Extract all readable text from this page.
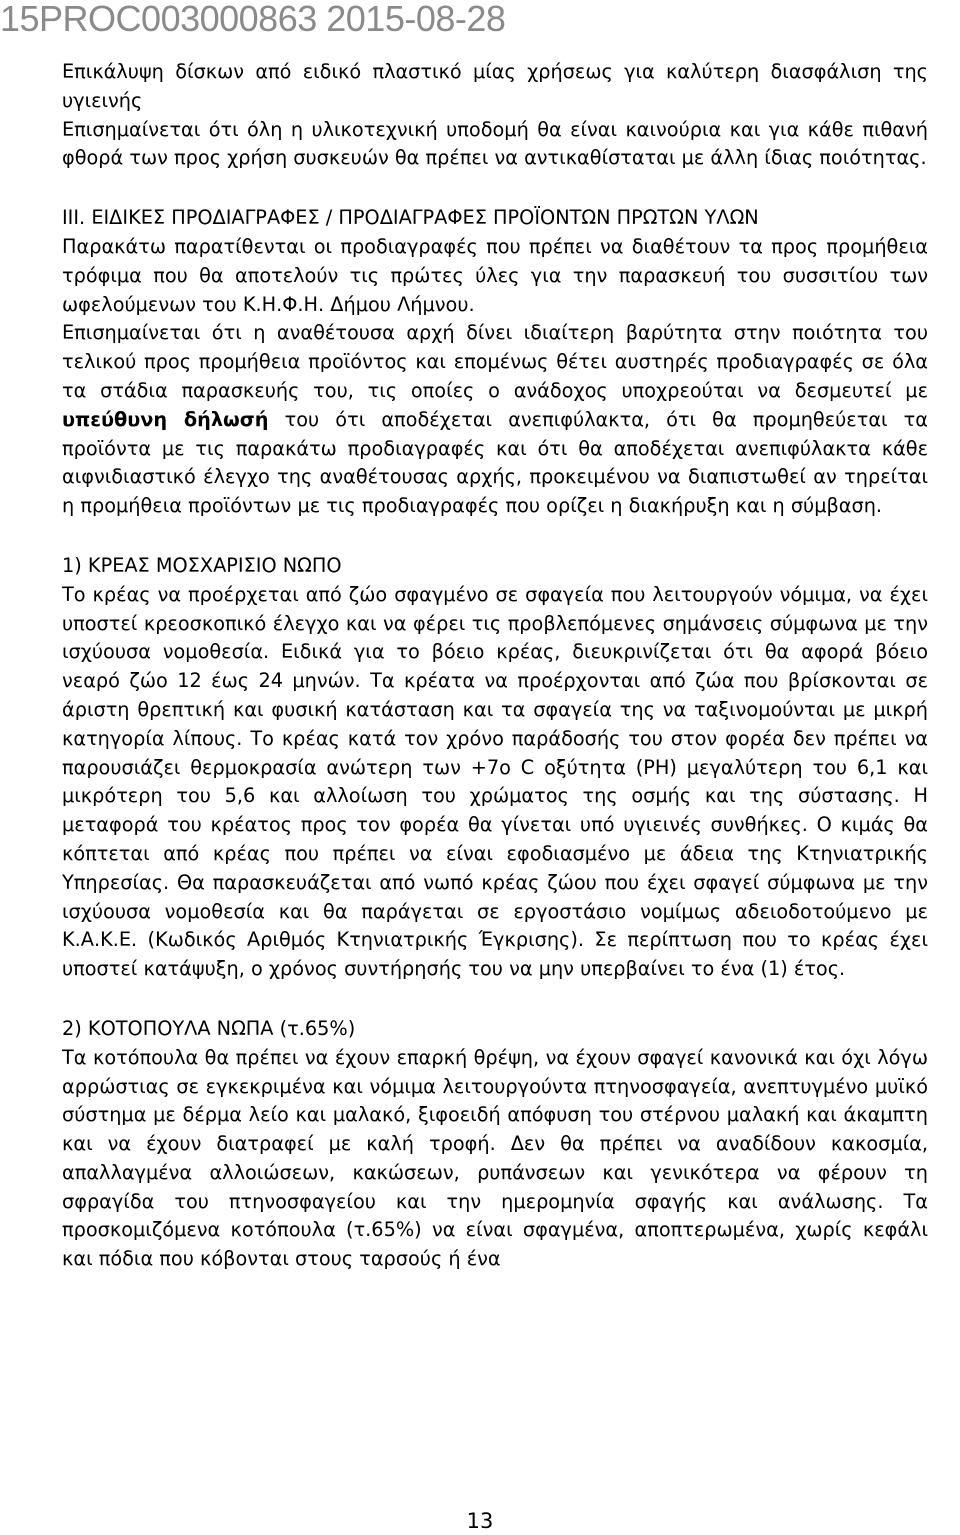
15PROC003000863 2015-08-28

Επικάλυψη δίσκων από ειδικό πλαστικό μίας χρήσεως για καλύτερη διασφάλιση της υγιεινής

Επισημαίνεται ότι όλη η υλικοτεχνική υποδομή θα είναι καινούρια και για κάθε πιθανή φθορά των προς χρήση συσκευών θα πρέπει να αντικαθίσταται με άλλη ίδιας ποιότητας.

III. ΕΙΔΙΚΕΣ ΠΡΟΔΙΑΓΡΑΦΕΣ / ΠΡΟΔΙΑΓΡΑΦΕΣ ΠΡΟΪΟΝΤΩΝ ΠΡΩΤΩΝ ΥΛΩΝ

Παρακάτω παρατίθενται οι προδιαγραφές που πρέπει να διαθέτουν τα προς προμήθεια τρόφιμα που θα αποτελούν τις πρώτες ύλες για την παρασκευή του συσσιτίου των ωφελούμενων του Κ.Η.Φ.Η. Δήμου Λήμνου.

Επισημαίνεται ότι η αναθέτουσα αρχή δίνει ιδιαίτερη βαρύτητα στην ποιότητα του τελικού προς προμήθεια προϊόντος και επομένως θέτει αυστηρές προδιαγραφές σε όλα τα στάδια παρασκευής του, τις οποίες ο ανάδοχος υποχρεούται να δεσμευτεί με υπεύθυνη δήλωσή του ότι αποδέχεται ανεπιφύλακτα, ότι θα προμηθεύεται τα προϊόντα με τις παρακάτω προδιαγραφές και ότι θα αποδέχεται ανεπιφύλακτα κάθε αιφνιδιαστικό έλεγχο της αναθέτουσας αρχής, προκειμένου να διαπιστωθεί αν τηρείται η προμήθεια προϊόντων με τις προδιαγραφές που ορίζει η διακήρυξη και η σύμβαση.

1) ΚΡΕΑΣ ΜΟΣΧΑΡΙΣΙΟ ΝΩΠΟ

Το κρέας να προέρχεται από ζώο σφαγμένο σε σφαγεία που λειτουργούν νόμιμα, να έχει υποστεί κρεοσκοπικό έλεγχο και να φέρει τις προβλεπόμενες σημάνσεις σύμφωνα με την ισχύουσα νομοθεσία. Ειδικά για το βόειο κρέας, διευκρινίζεται ότι θα αφορά βόειο νεαρό ζώο 12 έως 24 μηνών. Τα κρέατα να προέρχονται από ζώα που βρίσκονται σε άριστη θρεπτική και φυσική κατάσταση και τα σφαγεία της να ταξινομούνται με μικρή κατηγορία λίπους. Το κρέας κατά τον χρόνο παράδοσής του στον φορέα δεν πρέπει να παρουσιάζει θερμοκρασία ανώτερη των +7ο C οξύτητα (PH) μεγαλύτερη του 6,1 και μικρότερη του 5,6 και αλλοίωση του χρώματος της οσμής και της σύστασης. Η μεταφορά του κρέατος προς τον φορέα θα γίνεται υπό υγιεινές συνθήκες. Ο κιμάς θα κόπτεται από κρέας που πρέπει να είναι εφοδιασμένο με άδεια της Κτηνιατρικής Υπηρεσίας. Θα παρασκευάζεται από νωπό κρέας ζώου που έχει σφαγεί σύμφωνα με την ισχύουσα νομοθεσία και θα παράγεται σε εργοστάσιο νομίμως αδειοδοτούμενο με Κ.Α.Κ.Ε. (Κωδικός Αριθμός Κτηνιατρικής Έγκρισης). Σε περίπτωση που το κρέας έχει υποστεί κατάψυξη, ο χρόνος συντήρησής του να μην υπερβαίνει το ένα (1) έτος.

2) ΚΟΤΟΠΟΥΛΑ ΝΩΠΑ (τ.65%)

Τα κοτόπουλα θα πρέπει να έχουν επαρκή θρέψη, να έχουν σφαγεί κανονικά και όχι λόγω αρρώστιας σε εγκεκριμένα και νόμιμα λειτουργούντα πτηνοσφαγεία, ανεπτυγμένο μυϊκό σύστημα με δέρμα λείο και μαλακό, ξιφοειδή απόφυση του στέρνου μαλακή και άκαμπτη και να έχουν διατραφεί με καλή τροφή. Δεν θα πρέπει να αναδίδουν κακοσμία, απαλλαγμένα αλλοιώσεων, κακώσεων, ρυπάνσεων και γενικότερα να φέρουν τη σφραγίδα του πτηνοσφαγείου και την ημερομηνία σφαγής και ανάλωσης. Τα προσκομιζόμενα κοτόπουλα (τ.65%) να είναι σφαγμένα, αποπτερωμένα, χωρίς κεφάλι και πόδια που κόβονται στους ταρσούς ή ένα

13
